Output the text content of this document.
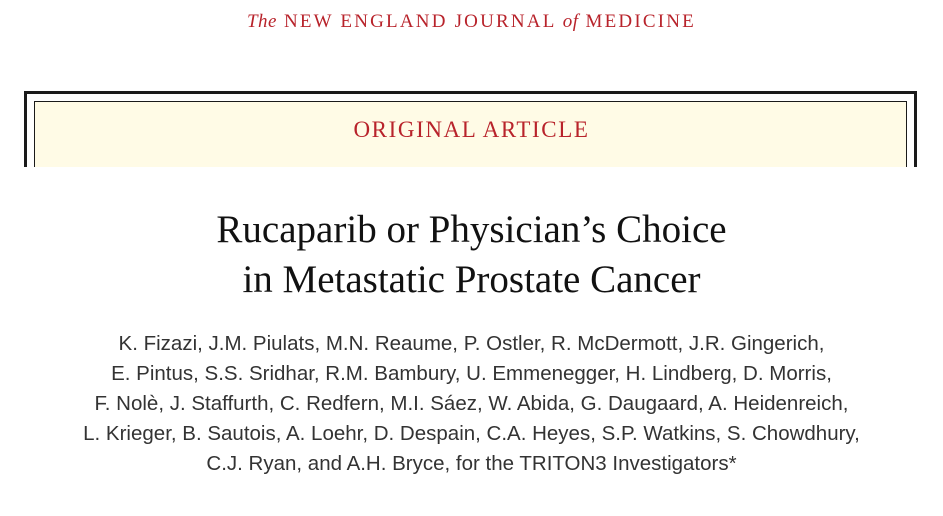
The NEW ENGLAND JOURNAL of MEDICINE
ORIGINAL ARTICLE
Rucaparib or Physician’s Choice
in Metastatic Prostate Cancer
K. Fizazi, J.M. Piulats, M.N. Reaume, P. Ostler, R. McDermott, J.R. Gingerich,
E. Pintus, S.S. Sridhar, R.M. Bambury, U. Emmenegger, H. Lindberg, D. Morris,
F. Nolè, J. Staffurth, C. Redfern, M.I. Sáez, W. Abida, G. Daugaard, A. Heidenreich,
L. Krieger, B. Sautois, A. Loehr, D. Despain, C.A. Heyes, S.P. Watkins, S. Chowdhury,
C.J. Ryan, and A.H. Bryce, for the TRITON3 Investigators*
